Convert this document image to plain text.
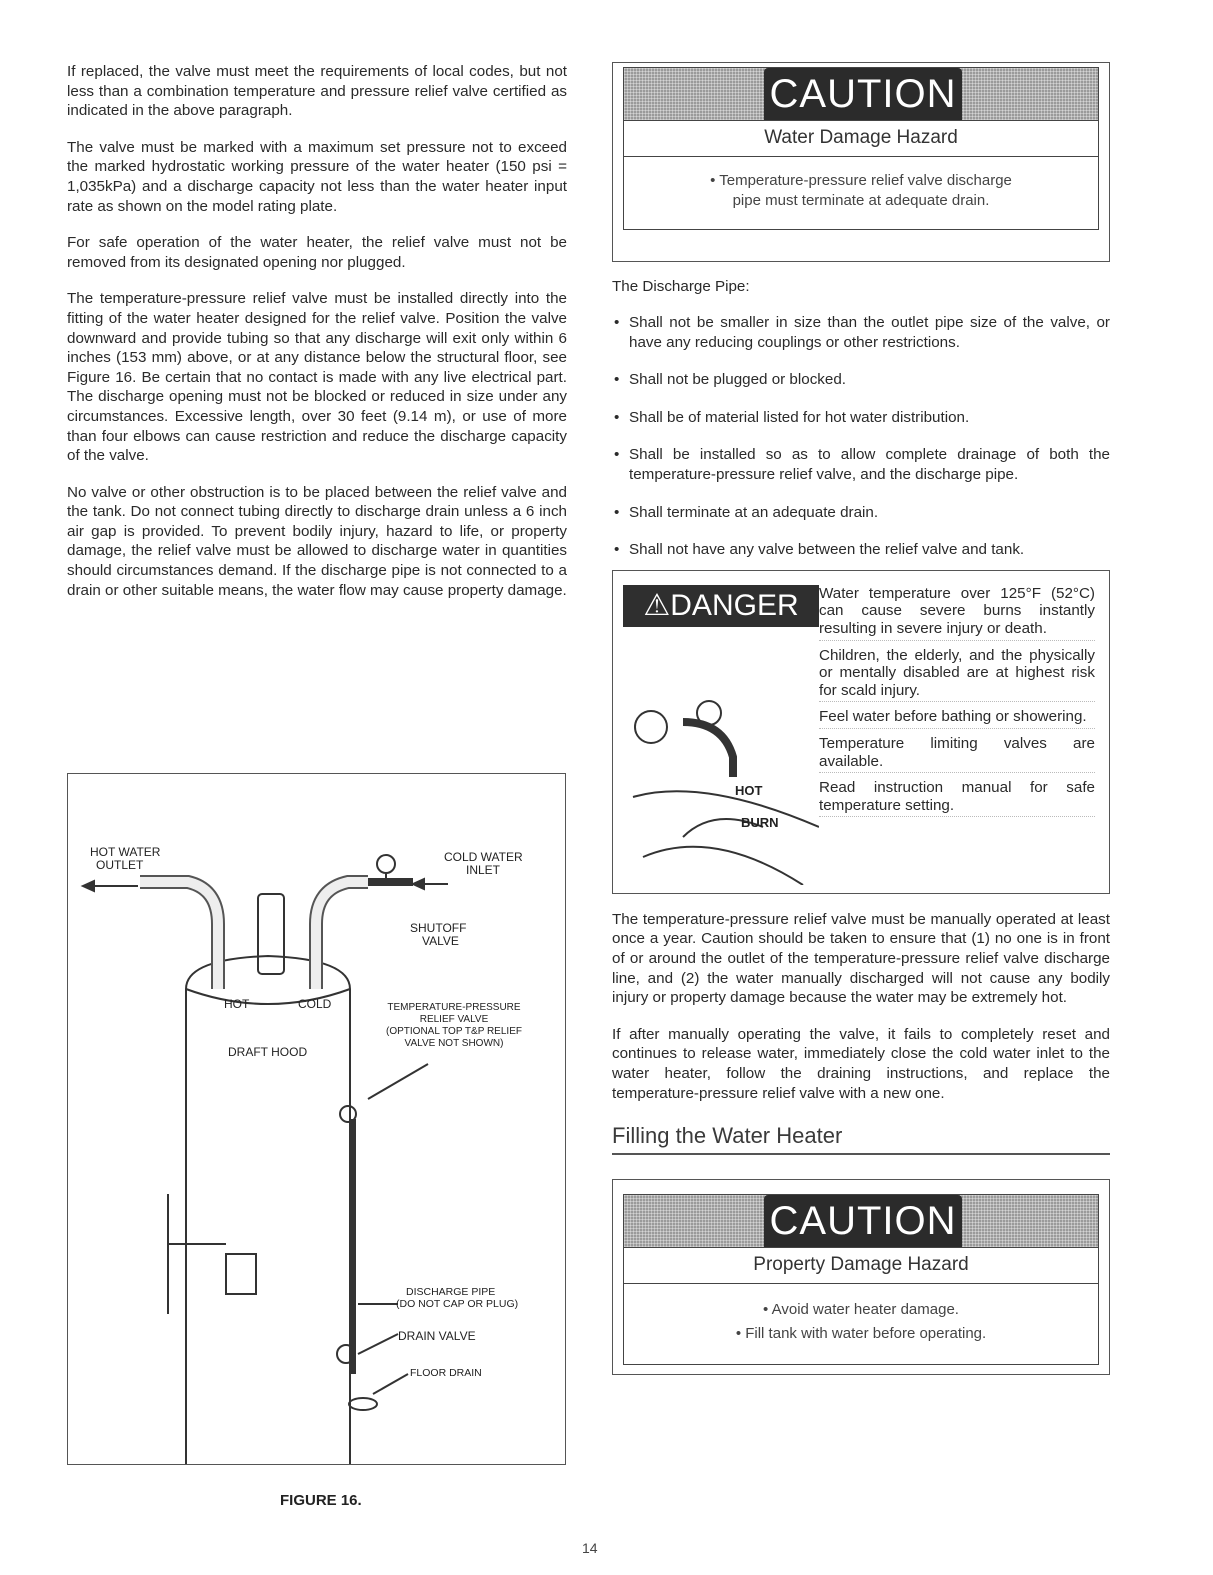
If replaced, the valve must meet the requirements of local codes, but not less than a combination temperature and pressure relief valve certified as indicated in the above paragraph.

The valve must be marked with a maximum set pressure not to exceed the marked hydrostatic working pressure of the water heater (150 psi = 1,035kPa) and a discharge capacity not less than the water heater input rate as shown on the model rating plate.

For safe operation of the water heater, the relief valve must not be removed from its designated opening nor plugged.

The temperature-pressure relief valve must be installed directly into the fitting of the water heater designed for the relief valve. Position the valve downward and provide tubing so that any discharge will exit only within 6 inches (153 mm) above, or at any distance below the structural floor, see Figure 16. Be certain that no contact is made with any live electrical part. The discharge opening must not be blocked or reduced in size under any circumstances. Excessive length, over 30 feet (9.14 m), or use of more than four elbows can cause restriction and reduce the discharge capacity of the valve.

No valve or other obstruction is to be placed between the relief valve and the tank. Do not connect tubing directly to discharge drain unless a 6 inch air gap is provided. To prevent bodily injury, hazard to life, or property damage, the relief valve must be allowed to discharge water in quantities should circumstances demand. If the discharge pipe is not connected to a drain or other suitable means, the water flow may cause property damage.

HOT WATER
OUTLET
COLD WATER
INLET
SHUTOFF
VALVE
HOT	COLD	TEMPERATURE-PRESSURE
RELIEF VALVE
(OPTIONAL TOP T&P RELIEF
VALVE NOT SHOWN)
DRAFT HOOD
DISCHARGE PIPE
(DO NOT CAP OR PLUG)
DRAIN VALVE
FLOOR DRAIN
FIGURE 16.
CAUTION
Water Damage Hazard
• Temperature-pressure relief valve discharge
pipe must terminate at adequate drain.
The Discharge Pipe:
• Shall not be smaller in size than the outlet pipe size of the valve, or have any reducing couplings or other restrictions.
• Shall not be plugged or blocked.
• Shall be of material listed for hot water distribution.
• Shall be installed so as to allow complete drainage of both the temperature-pressure relief valve, and the discharge pipe.
• Shall terminate at an adequate drain.
• Shall not have any valve between the relief valve and tank.
⚠DANGER
HOT
BURN
Water temperature over 125°F (52°C) can cause severe burns instantly resulting in severe injury or death.
Children, the elderly, and the physically or mentally disabled are at highest risk for scald injury.
Feel water before bathing or showering.
Temperature limiting valves are available.
Read instruction manual for safe temperature setting.

The temperature-pressure relief valve must be manually operated at least once a year. Caution should be taken to ensure that (1) no one is in front of or around the outlet of the temperature-pressure relief valve discharge line, and (2) the water manually discharged will not cause any bodily injury or property damage because the water may be extremely hot.

If after manually operating the valve, it fails to completely reset and continues to release water, immediately close the cold water inlet to the water heater, follow the draining instructions, and replace the temperature-pressure relief valve with a new one.

Filling the Water Heater
CAUTION
Property Damage Hazard
• Avoid water heater damage.
• Fill tank with water before operating.
14
